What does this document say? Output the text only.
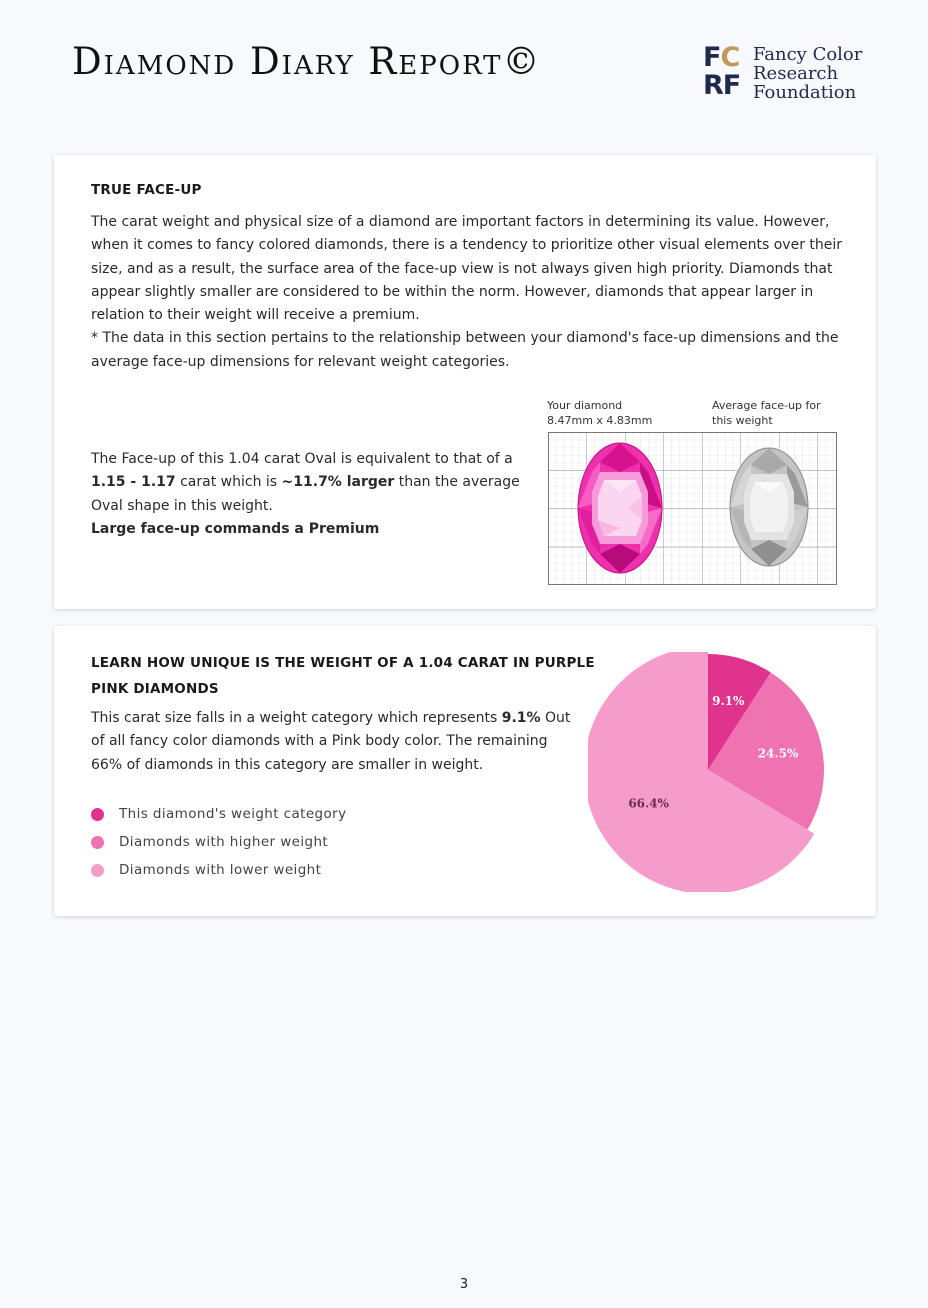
Diamond Diary Report©	FC
RF
Fancy Color
Research
Foundation
TRUE FACE-UP

The carat weight and physical size of a diamond are important factors in determining its value. However, when it comes to fancy colored diamonds, there is a tendency to prioritize other visual elements over their size, and as a result, the surface area of the face-up view is not always given high priority. Diamonds that appear slightly smaller are considered to be within the norm. However, diamonds that appear larger in relation to their weight will receive a premium.

* The data in this section pertains to the relationship between your diamond's face-up dimensions and the average face-up dimensions for relevant weight categories.

The Face-up of this 1.04 carat Oval is equivalent to that of a 1.15 - 1.17 carat which is ~11.7% larger than the average Oval shape in this weight.

Large face-up commands a Premium

Your diamond
8.47mm x 4.83mm
Average face-up for
this weight
LEARN HOW UNIQUE IS THE WEIGHT OF A 1.04 CARAT IN PURPLE
PINK DIAMONDS

This carat size falls in a weight category which represents 9.1% Out of all fancy color diamonds with a Pink body color. The remaining 66% of diamonds in this category are smaller in weight.

This diamond's weight category
Diamonds with higher weight
Diamonds with lower weight
9.1%
24.5%
66.4%
3
